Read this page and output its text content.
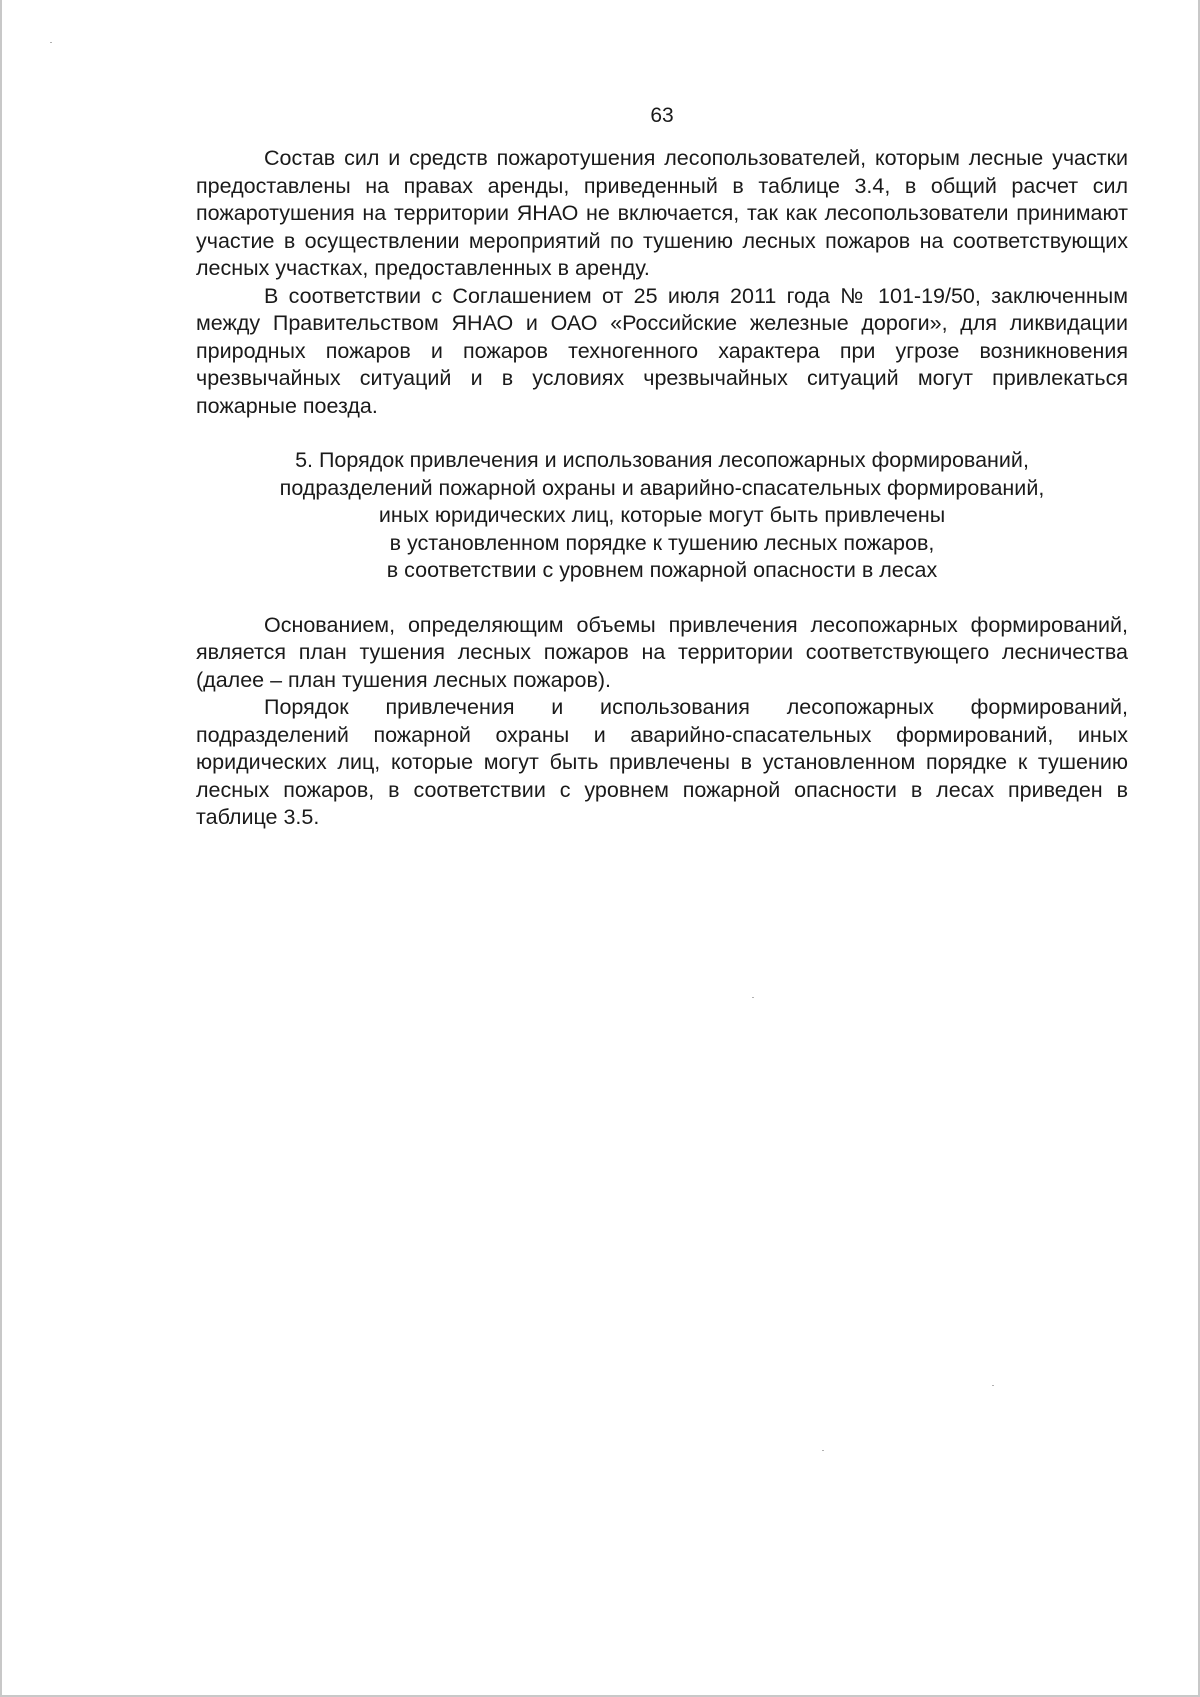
63

Состав сил и средств пожаротушения лесопользователей, которым лесные участки предоставлены на правах аренды, приведенный в таблице 3.4, в общий расчет сил пожаротушения на территории ЯНАО не включается, так как лесопользователи принимают участие в осуществлении мероприятий по тушению лесных пожаров на соответствующих лесных участках, предоставленных в аренду.

В соответствии с Соглашением от 25 июля 2011 года № 101-19/50, заключенным между Правительством ЯНАО и ОАО «Российские железные дороги», для ликвидации природных пожаров и пожаров техногенного характера при угрозе возникновения чрезвычайных ситуаций и в условиях чрезвычайных ситуаций могут привлекаться пожарные поезда.

5. Порядок привлечения и использования лесопожарных формирований,
подразделений пожарной охраны и аварийно-спасательных формирований,
иных юридических лиц, которые могут быть привлечены
в установленном порядке к тушению лесных пожаров,
в соответствии с уровнем пожарной опасности в лесах

Основанием, определяющим объемы привлечения лесопожарных формирований, является план тушения лесных пожаров на территории соответствующего лесничества (далее – план тушения лесных пожаров).

Порядок привлечения и использования лесопожарных формирований, подразделений пожарной охраны и аварийно-спасательных формирований, иных юридических лиц, которые могут быть привлечены в установленном порядке к тушению лесных пожаров, в соответствии с уровнем пожарной опасности в лесах приведен в таблице 3.5.
